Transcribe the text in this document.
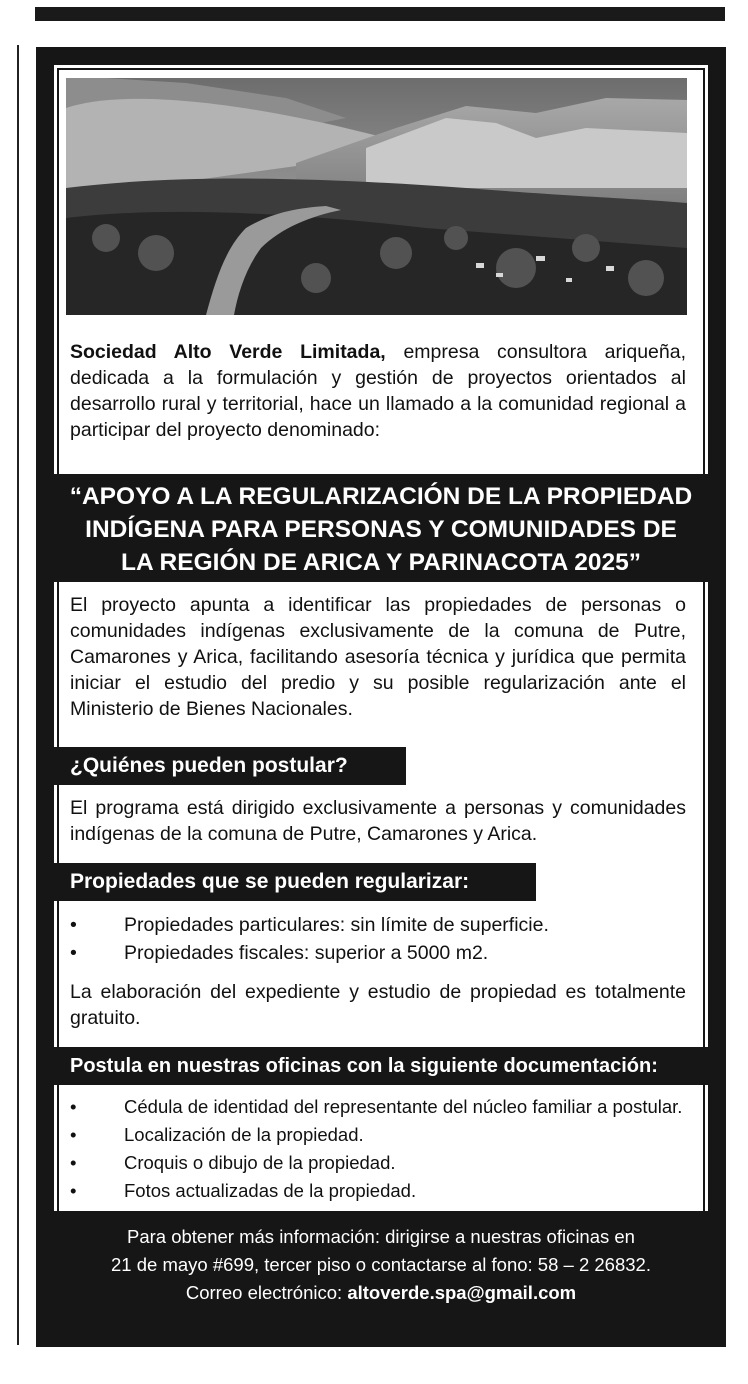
Sociedad Alto Verde Limitada, empresa consultora ariqueña, dedicada a la formulación y gestión de proyectos orientados al desarrollo rural y territorial, hace un llamado a la comunidad regional a participar del proyecto denominado:
“APOYO A LA REGULARIZACIÓN DE LA PROPIEDAD
INDÍGENA PARA PERSONAS Y COMUNIDADES DE
LA REGIÓN DE ARICA Y PARINACOTA 2025”
El proyecto apunta a identificar las propiedades de personas o comunidades indígenas exclusivamente de la comuna de Putre, Camarones y Arica, facilitando asesoría técnica y jurídica que permita iniciar el estudio del predio y su posible regularización ante el Ministerio de Bienes Nacionales.
¿Quiénes pueden postular?
El programa está dirigido exclusivamente a personas y comunidades indígenas de la comuna de Putre, Camarones y Arica.
Propiedades que se pueden regularizar:
• Propiedades particulares: sin límite de superficie.
• Propiedades fiscales: superior a 5000 m2.
La elaboración del expediente y estudio de propiedad es totalmente gratuito.
Postula en nuestras oficinas con la siguiente documentación:
•	Cédula de identidad del representante del núcleo familiar a postular.
•	Localización de la propiedad.
•	Croquis o dibujo de la propiedad.
•	Fotos actualizadas de la propiedad.
Para obtener más información: dirigirse a nuestras oficinas en
21 de mayo #699, tercer piso o contactarse al fono: 58 – 2 26832.
Correo electrónico: altoverde.spa@gmail.com
